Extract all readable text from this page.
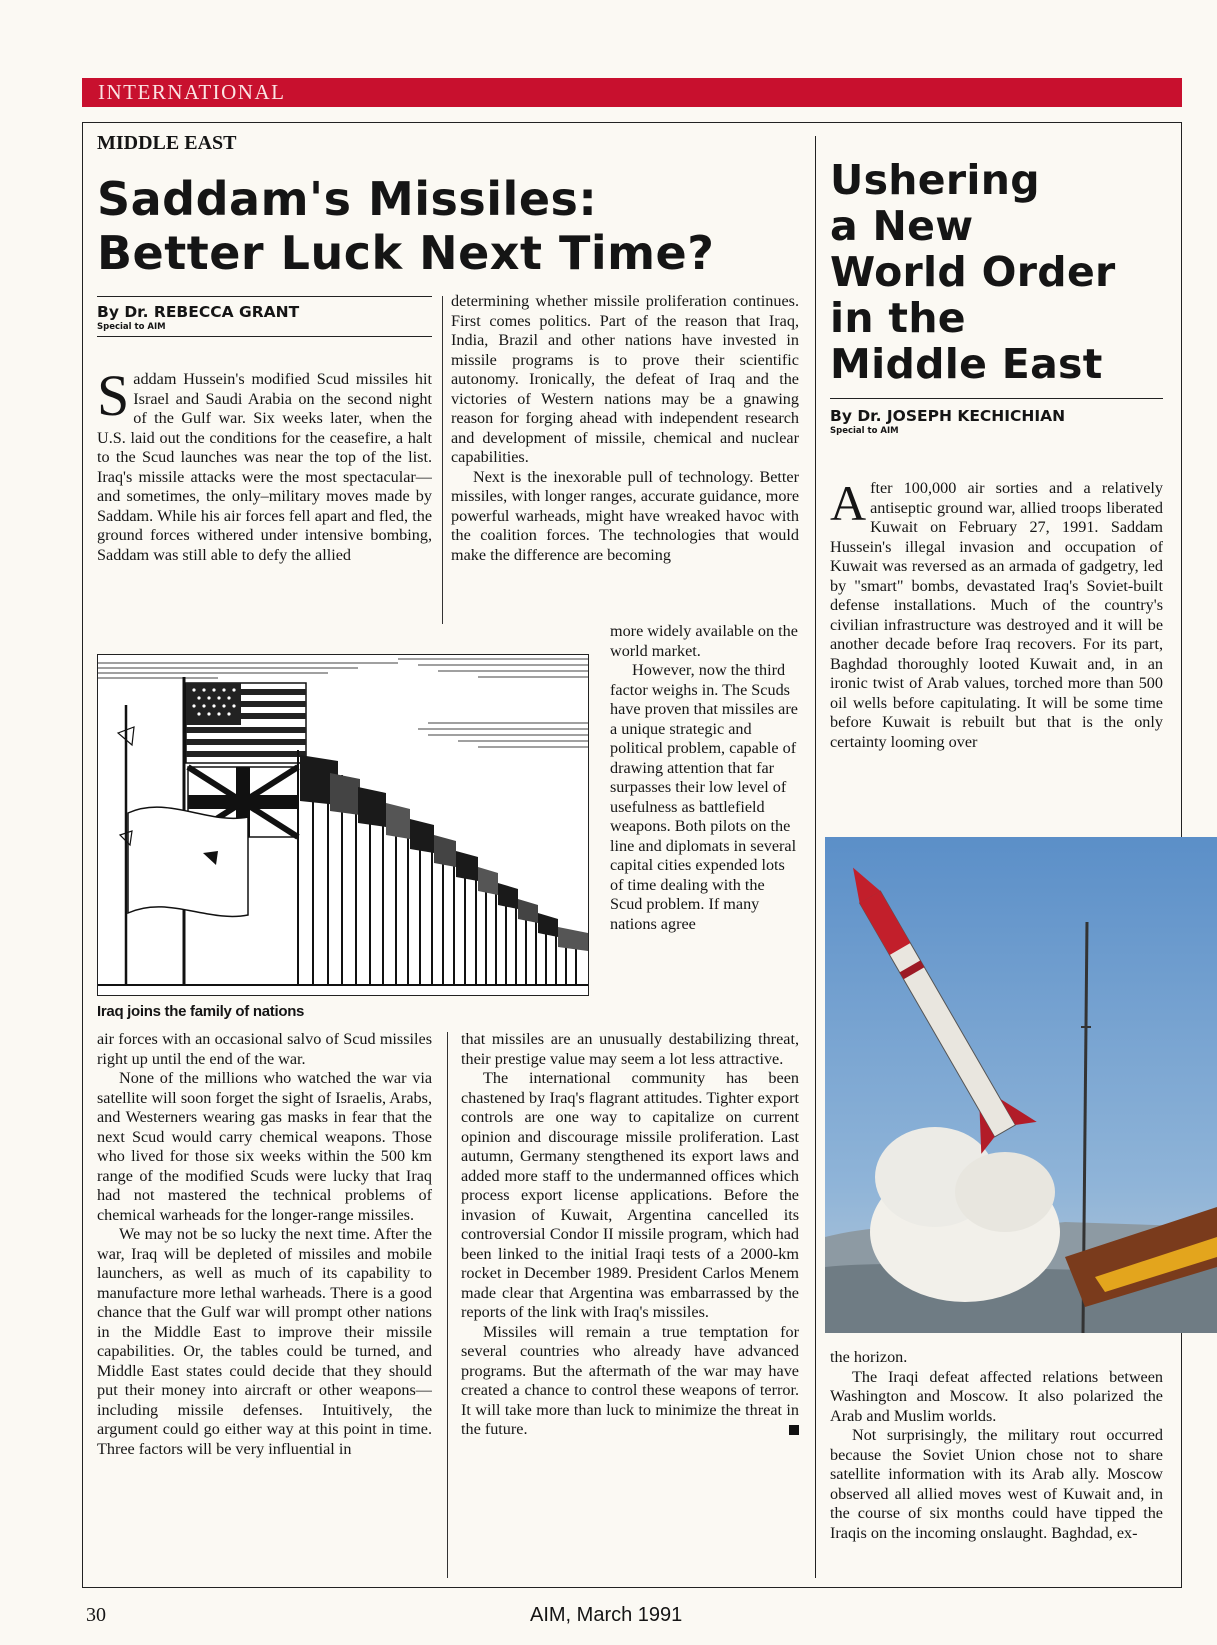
INTERNATIONAL
MIDDLE EAST
Saddam's Missiles:
Better Luck Next Time?
By Dr. REBECCA GRANT
Special to AIM

Saddam Hussein's modified Scud missiles hit Israel and Saudi Arabia on the second night of the Gulf war. Six weeks later, when the U.S. laid out the conditions for the ceasefire, a halt to the Scud launches was near the top of the list. Iraq's missile attacks were the most spectacular—and sometimes, the only–military moves made by Saddam. While his air forces fell apart and fled, the ground forces withered under intensive bombing, Saddam was still able to defy the allied

determining whether missile proliferation continues. First comes politics. Part of the reason that Iraq, India, Brazil and other nations have invested in missile programs is to prove their scientific autonomy. Ironically, the defeat of Iraq and the victories of Western nations may be a gnawing reason for forging ahead with independent research and development of missile, chemical and nuclear capabilities.

Next is the inexorable pull of technology. Better missiles, with longer ranges, accurate guidance, more powerful warheads, might have wreaked havoc with the coalition forces. The technologies that would make the difference are becoming

Iraq joins the family of nations

more widely available on the world market.

However, now the third factor weighs in. The Scuds have proven that missiles are a unique strategic and political problem, capable of drawing attention that far surpasses their low level of usefulness as battlefield weapons. Both pilots on the line and diplomats in several capital cities expended lots of time dealing with the Scud problem. If many nations agree

air forces with an occasional salvo of Scud missiles right up until the end of the war.

None of the millions who watched the war via satellite will soon forget the sight of Israelis, Arabs, and Westerners wearing gas masks in fear that the next Scud would carry chemical weapons. Those who lived for those six weeks within the 500 km range of the modified Scuds were lucky that Iraq had not mastered the technical problems of chemical warheads for the longer-range missiles.

We may not be so lucky the next time. After the war, Iraq will be depleted of missiles and mobile launchers, as well as much of its capability to manufacture more lethal warheads. There is a good chance that the Gulf war will prompt other nations in the Middle East to improve their missile capabilities. Or, the tables could be turned, and Middle East states could decide that they should put their money into aircraft or other weapons—including missile defenses. Intuitively, the argument could go either way at this point in time. Three factors will be very influential in

that missiles are an unusually destabilizing threat, their prestige value may seem a lot less attractive.

The international community has been chastened by Iraq's flagrant attitudes. Tighter export controls are one way to capitalize on current opinion and discourage missile proliferation. Last autumn, Germany stengthened its export laws and added more staff to the undermanned offices which process export license applications. Before the invasion of Kuwait, Argentina cancelled its controversial Condor II missile program, which had been linked to the initial Iraqi tests of a 2000-km rocket in December 1989. President Carlos Menem made clear that Argentina was embarrassed by the reports of the link with Iraq's missiles.

Missiles will remain a true temptation for several countries who already have advanced programs. But the aftermath of the war may have created a chance to control these weapons of terror. It will take more than luck to minimize the threat in the future.

Ushering
a New
World Order
in the
Middle East
By Dr. JOSEPH KECHICHIAN
Special to AIM

After 100,000 air sorties and a relatively antiseptic ground war, allied troops liberated Kuwait on February 27, 1991. Saddam Hussein's illegal invasion and occupation of Kuwait was reversed as an armada of gadgetry, led by "smart" bombs, devastated Iraq's Soviet-built defense installations. Much of the country's civilian infrastructure was destroyed and it will be another decade before Iraq recovers. For its part, Baghdad thoroughly looted Kuwait and, in an ironic twist of Arab values, torched more than 500 oil wells before capitulating. It will be some time before Kuwait is rebuilt but that is the only certainty looming over

the horizon.

The Iraqi defeat affected relations between Washington and Moscow. It also polarized the Arab and Muslim worlds.

Not surprisingly, the military rout occurred because the Soviet Union chose not to share satellite information with its Arab ally. Moscow observed all allied moves west of Kuwait and, in the course of six months could have tipped the Iraqis on the incoming onslaught. Baghdad, ex-

30	AIM, March 1991
